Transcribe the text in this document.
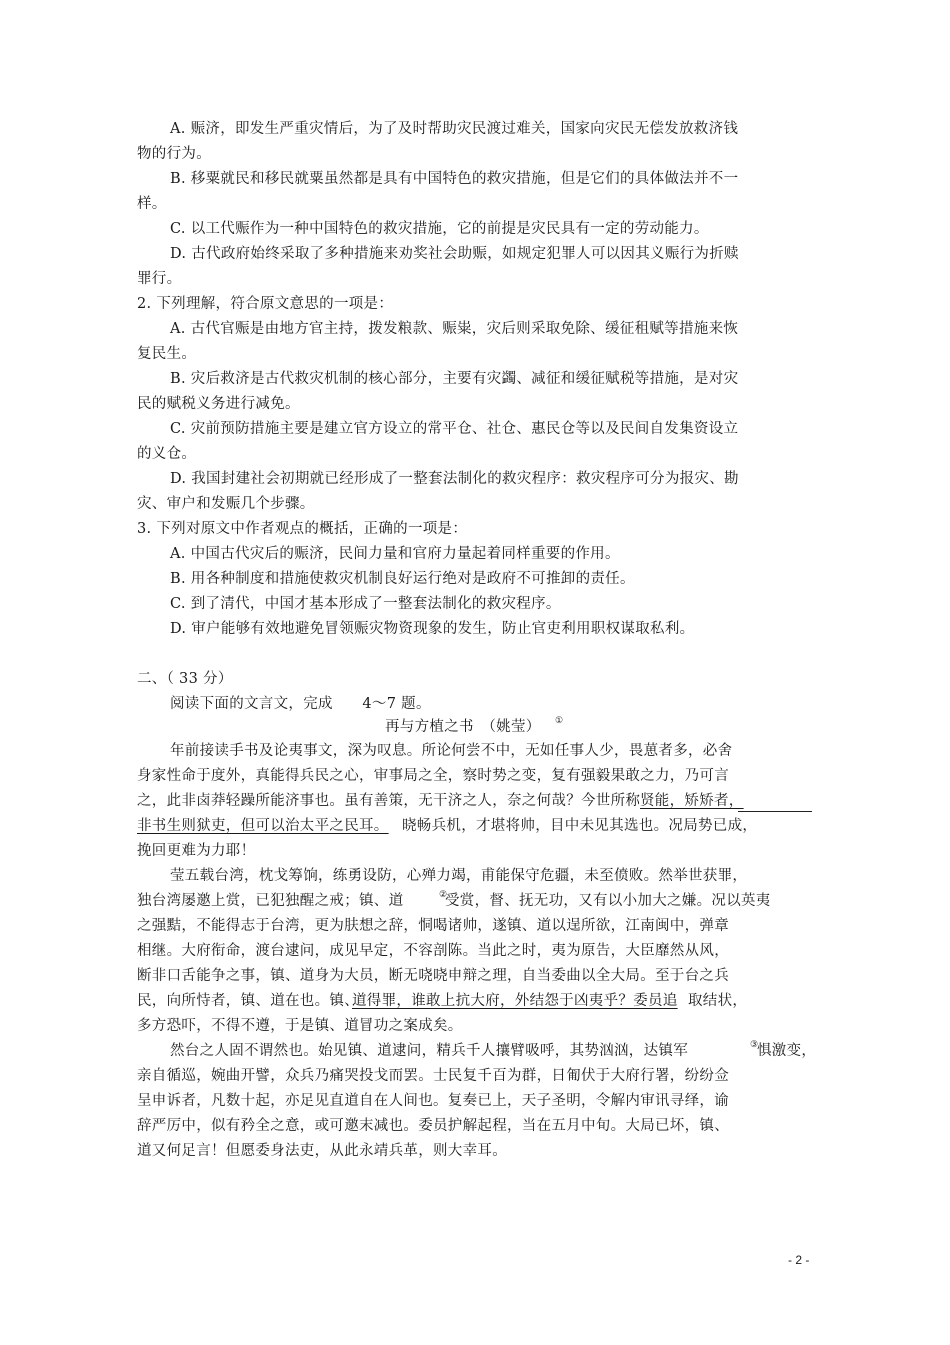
A. 赈济，即发生严重灾情后，为了及时帮助灾民渡过难关，国家向灾民无偿发放救济钱
物的行为。
B. 移粟就民和移民就粟虽然都是具有中国特色的救灾措施，但是它们的具体做法并不一
样。
C. 以工代赈作为一种中国特色的救灾措施，它的前提是灾民具有一定的劳动能力。
D. 古代政府始终采取了多种措施来劝奖社会助赈，如规定犯罪人可以因其义赈行为折赎
罪行。
2. 下列理解，符合原文意思的一项是：
A. 古代官赈是由地方官主持，拨发粮款、赈粜，灾后则采取免除、缓征租赋等措施来恢
复民生。
B. 灾后救济是古代救灾机制的核心部分，主要有灾蠲、减征和缓征赋税等措施，是对灾
民的赋税义务进行减免。
C. 灾前预防措施主要是建立官方设立的常平仓、社仓、惠民仓等以及民间自发集资设立
的义仓。
D. 我国封建社会初期就已经形成了一整套法制化的救灾程序：救灾程序可分为报灾、勘
灾、审户和发赈几个步骤。
3. 下列对原文中作者观点的概括，正确的一项是：
A. 中国古代灾后的赈济，民间力量和官府力量起着同样重要的作用。
B. 用各种制度和措施使救灾机制良好运行绝对是政府不可推卸的责任。
C. 到了清代，中国才基本形成了一整套法制化的救灾程序。
D. 审户能够有效地避免冒领赈灾物资现象的发生，防止官吏利用职权谋取私利。
二、（ 33 分）
阅读下面的文言文，完成　　4～7 题。
再与方植之书　（姚莹） ①
年前接读手书及论夷事文，深为叹息。所论何尝不中，无如任事人少，畏葸者多，必舍
身家性命于度外，真能得兵民之心，审事局之全，察时势之变，复有强毅果敢之力，乃可言
之，此非卤莽轻躁所能济事也。虽有善策，无干济之人，奈之何哉？今世所称 贤能，矫矫者，
非书生则狱吏，但可以治太平之民耳。 晓畅兵机，才堪将帅，目中未见其选也。况局势已成，
挽回更难为力耶！
莹五载台湾，枕戈筹饷，练勇设防，心殚力竭，甫能保守危疆，未至偾败。然举世获罪，
独台湾屡邀上赏，已犯独醒之戒；镇、道	②
受赏，督、抚无功，又有以小加大之嫌。况以英夷
之强黠，不能得志于台湾，更为肤想之辞，恫喝诸帅，遂镇、道以逞所欲，江南闽中，弹章
相继。大府衔命，渡台逮问，成见早定，不容剖陈。当此之时，夷为原告，大臣靡然从风，
断非口舌能争之事，镇、道身为大员，断无哓哓申辩之理，自当委曲以全大局。至于台之兵
民，向所恃者，镇、道在也。镇、
道得罪，谁敢上抗大府，外结怨于凶夷乎？委员追 取结状，
多方恐吓，不得不遵，于是镇、道冒功之案成矣。
然台之人固不谓然也。始见镇、道逮问，精兵千人攘臂吸呼，其势汹汹，达镇军	③
惧激变，
亲自循巡，婉曲开譬，众兵乃痛哭投戈而罢。士民复千百为群，日匍伏于大府行署，纷纷佥
呈申诉者，凡数十起，亦足见直道自在人间也。复奏已上，天子圣明，令解内审讯寻绎，谕
辞严厉中，似有矜全之意，或可邀末减也。委员护解起程，当在五月中旬。大局已坏，镇、
道又何足言！但愿委身法吏，从此永靖兵革，则大幸耳。
- 2 -
